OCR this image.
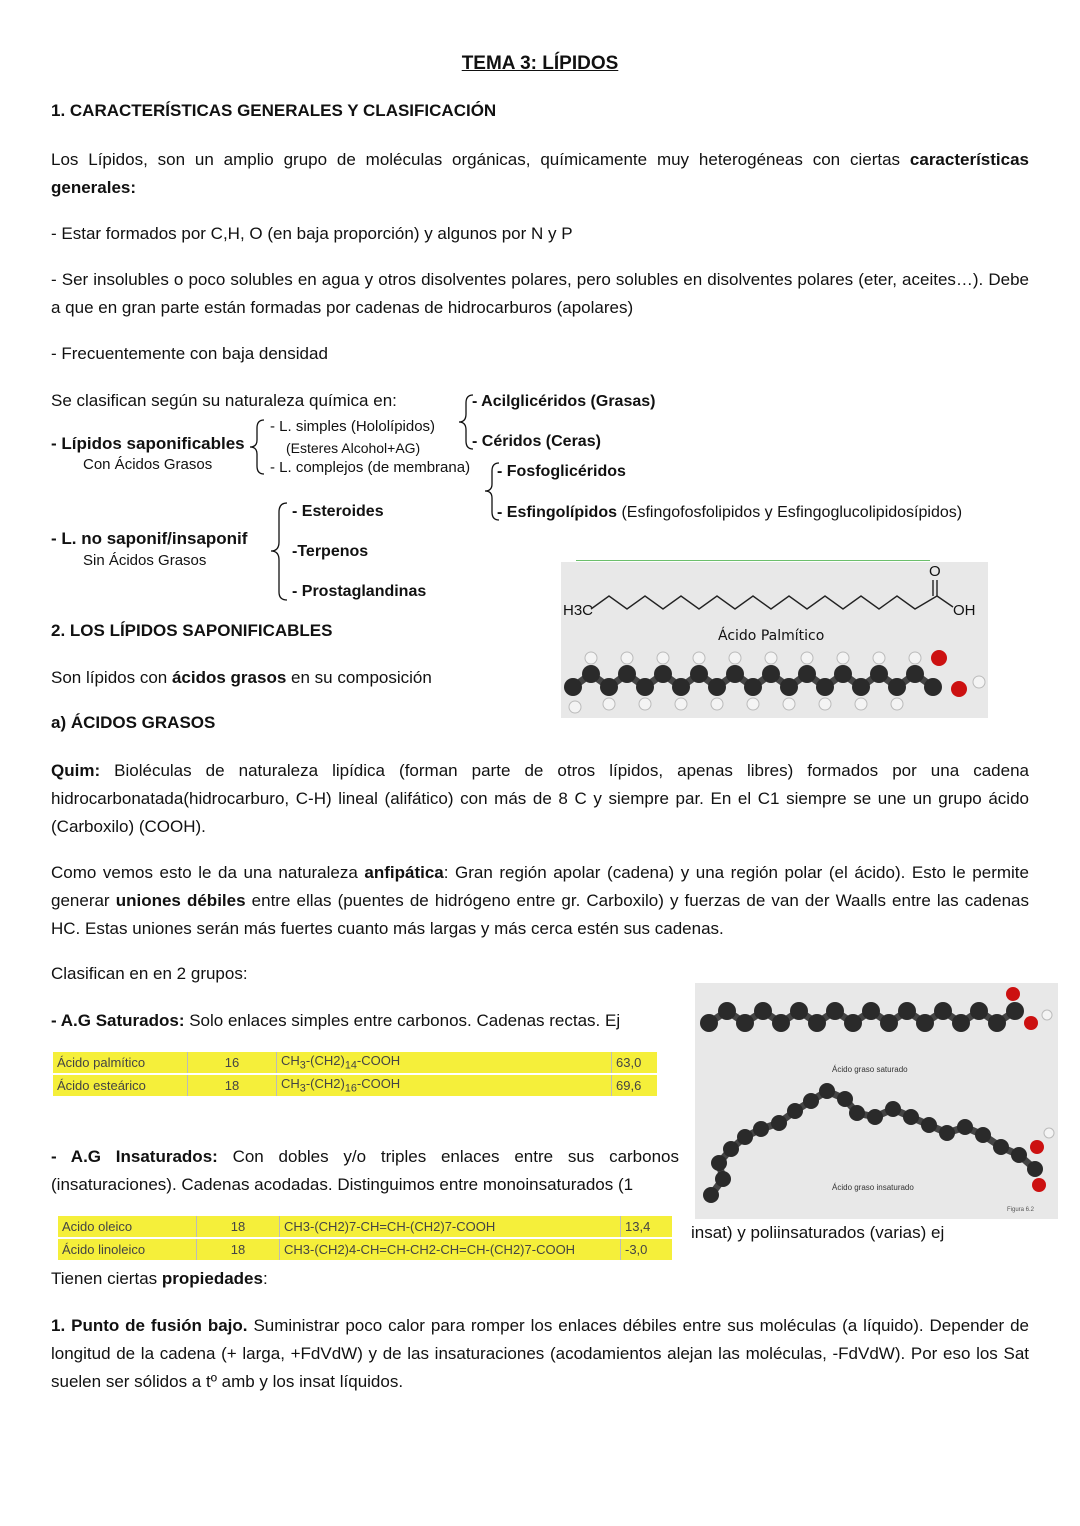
TEMA 3: LÍPIDOS
1. CARACTERÍSTICAS GENERALES Y CLASIFICACIÓN
Los Lípidos, son un amplio grupo de moléculas orgánicas, químicamente muy heterogéneas con ciertas características generales:
- Estar formados por C,H, O (en baja proporción) y algunos por N y P
- Ser insolubles o poco solubles en agua y otros disolventes polares, pero solubles en disolventes polares (eter, aceites…). Debe a que en gran parte están formadas por cadenas de hidrocarburos (apolares)
- Frecuentemente con baja densidad
Se clasifican según su naturaleza química en:
- Lípidos saponificables
Con Ácidos Grasos
- L. simples (Hololípidos)
(Esteres Alcohol+AG)
- L. complejos (de membrana)
- Acilglicéridos (Grasas)
- Céridos (Ceras)
- Fosfoglicéridos
- Esfingolípidos (Esfingofosfolipidos y Esfingoglucolipidosípidos)
- L. no saponif/insaponif
Sin Ácidos Grasos
- Esteroides
-Terpenos
- Prostaglandinas
H3C
O
OH
Ácido Palmítico
2. LOS LÍPIDOS SAPONIFICABLES
Son lípidos con ácidos grasos en su composición
a) ÁCIDOS GRASOS
Quim: Bioléculas de naturaleza lipídica (forman parte de otros lípidos, apenas libres) formados por una cadena hidrocarbonatada(hidrocarburo, C-H) lineal (alifático) con más de 8 C y siempre par. En el C1 siempre se une un grupo ácido (Carboxilo) (COOH).
Como vemos esto le da una naturaleza anfipática: Gran región apolar (cadena) y una región polar (el ácido). Esto le permite generar uniones débiles entre ellas (puentes de hidrógeno entre gr. Carboxilo) y fuerzas de van der Waalls entre las cadenas HC. Estas uniones serán más fuertes cuanto más largas y más cerca estén sus cadenas.
Clasifican en en 2 grupos:
- A.G Saturados: Solo enlaces simples entre carbonos. Cadenas rectas. Ej
Ácido palmítico	16	$CH_3-(CH2)_{14}$-COOH	63,0
Ácido esteárico	18	$CH_3-(CH2)_{16}$-COOH	69,6
Ácido graso saturado
Ácido graso insaturado
Figura 6.2
- A.G Insaturados: Con dobles y/o triples enlaces entre sus carbonos (insaturaciones). Cadenas acodadas. Distinguimos entre monoinsaturados (1
Acido oleico	18	CH3-(CH2)7-CH=CH-(CH2)7-COOH	13,4
Ácido linoleico	18	CH3-(CH2)4-CH=CH-CH2-CH=CH-(CH2)7-COOH	-3,0
insat) y poliinsaturados (varias) ej
Tienen ciertas propiedades:
1. Punto de fusión bajo. Suministrar poco calor para romper los enlaces débiles entre sus moléculas (a líquido). Depender de longitud de la cadena (+ larga, +FdVdW) y de las insaturaciones (acodamientos alejan las moléculas, -FdVdW). Por eso los Sat suelen ser sólidos a tº amb y los insat líquidos.
